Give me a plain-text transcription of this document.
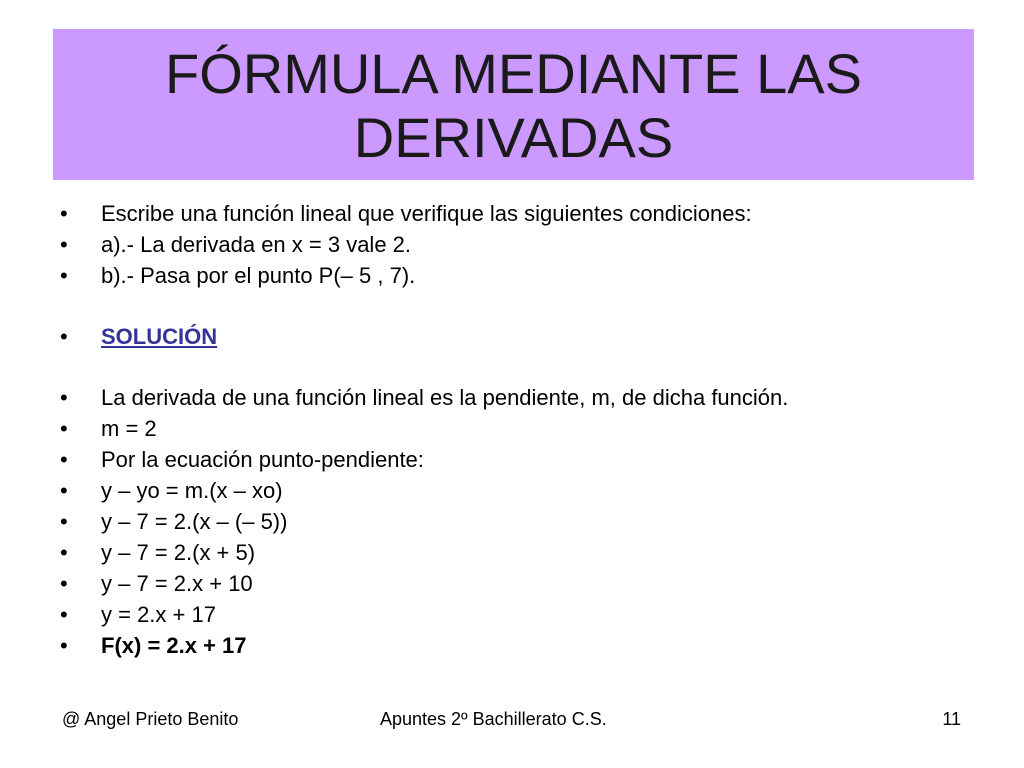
FÓRMULA MEDIANTE LAS DERIVADAS
•	Escribe una función lineal que verifique las siguientes condiciones:
•	a).- La derivada en x = 3 vale 2.
•	b).- Pasa por el punto P(– 5 , 7).
•	SOLUCIÓN
•	La derivada de una función lineal es la pendiente, m, de dicha función.
•	m = 2
•	Por la ecuación punto-pendiente:
•	y – yo = m.(x – xo)
•	y – 7 = 2.(x – (– 5))
•	y – 7 = 2.(x + 5)
•	y – 7 = 2.x + 10
•	y = 2.x + 17
•	F(x) = 2.x + 17
@ Angel Prieto Benito	Apuntes 2º Bachillerato C.S.	11
